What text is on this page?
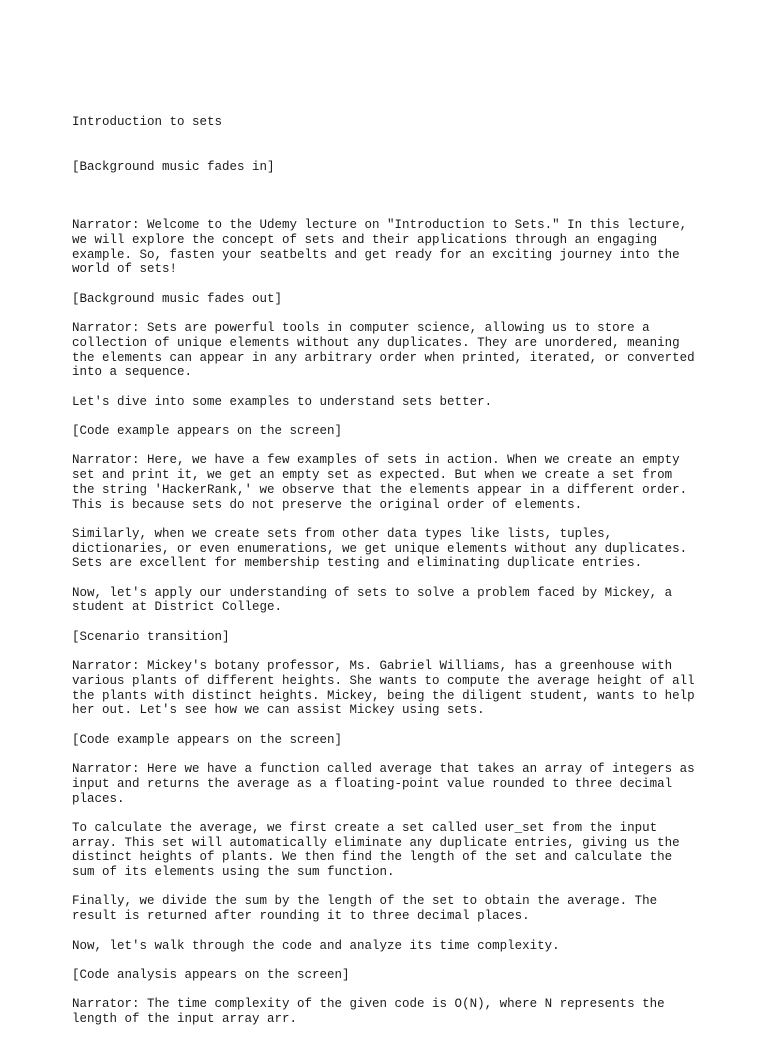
Introduction to sets

[Background music fades in]

Narrator: Welcome to the Udemy lecture on "Introduction to Sets." In this lecture,
we will explore the concept of sets and their applications through an engaging
example. So, fasten your seatbelts and get ready for an exciting journey into the
world of sets!
[Background music fades out]
Narrator: Sets are powerful tools in computer science, allowing us to store a
collection of unique elements without any duplicates. They are unordered, meaning
the elements can appear in any arbitrary order when printed, iterated, or converted
into a sequence.
Let's dive into some examples to understand sets better.
[Code example appears on the screen]
Narrator: Here, we have a few examples of sets in action. When we create an empty
set and print it, we get an empty set as expected. But when we create a set from
the string 'HackerRank,' we observe that the elements appear in a different order.
This is because sets do not preserve the original order of elements.
Similarly, when we create sets from other data types like lists, tuples,
dictionaries, or even enumerations, we get unique elements without any duplicates.
Sets are excellent for membership testing and eliminating duplicate entries.
Now, let's apply our understanding of sets to solve a problem faced by Mickey, a
student at District College.
[Scenario transition]
Narrator: Mickey's botany professor, Ms. Gabriel Williams, has a greenhouse with
various plants of different heights. She wants to compute the average height of all
the plants with distinct heights. Mickey, being the diligent student, wants to help
her out. Let's see how we can assist Mickey using sets.
[Code example appears on the screen]
Narrator: Here we have a function called average that takes an array of integers as
input and returns the average as a floating-point value rounded to three decimal
places.
To calculate the average, we first create a set called user_set from the input
array. This set will automatically eliminate any duplicate entries, giving us the
distinct heights of plants. We then find the length of the set and calculate the
sum of its elements using the sum function.
Finally, we divide the sum by the length of the set to obtain the average. The
result is returned after rounding it to three decimal places.
Now, let's walk through the code and analyze its time complexity.
[Code analysis appears on the screen]
Narrator: The time complexity of the given code is O(N), where N represents the
length of the input array arr.
